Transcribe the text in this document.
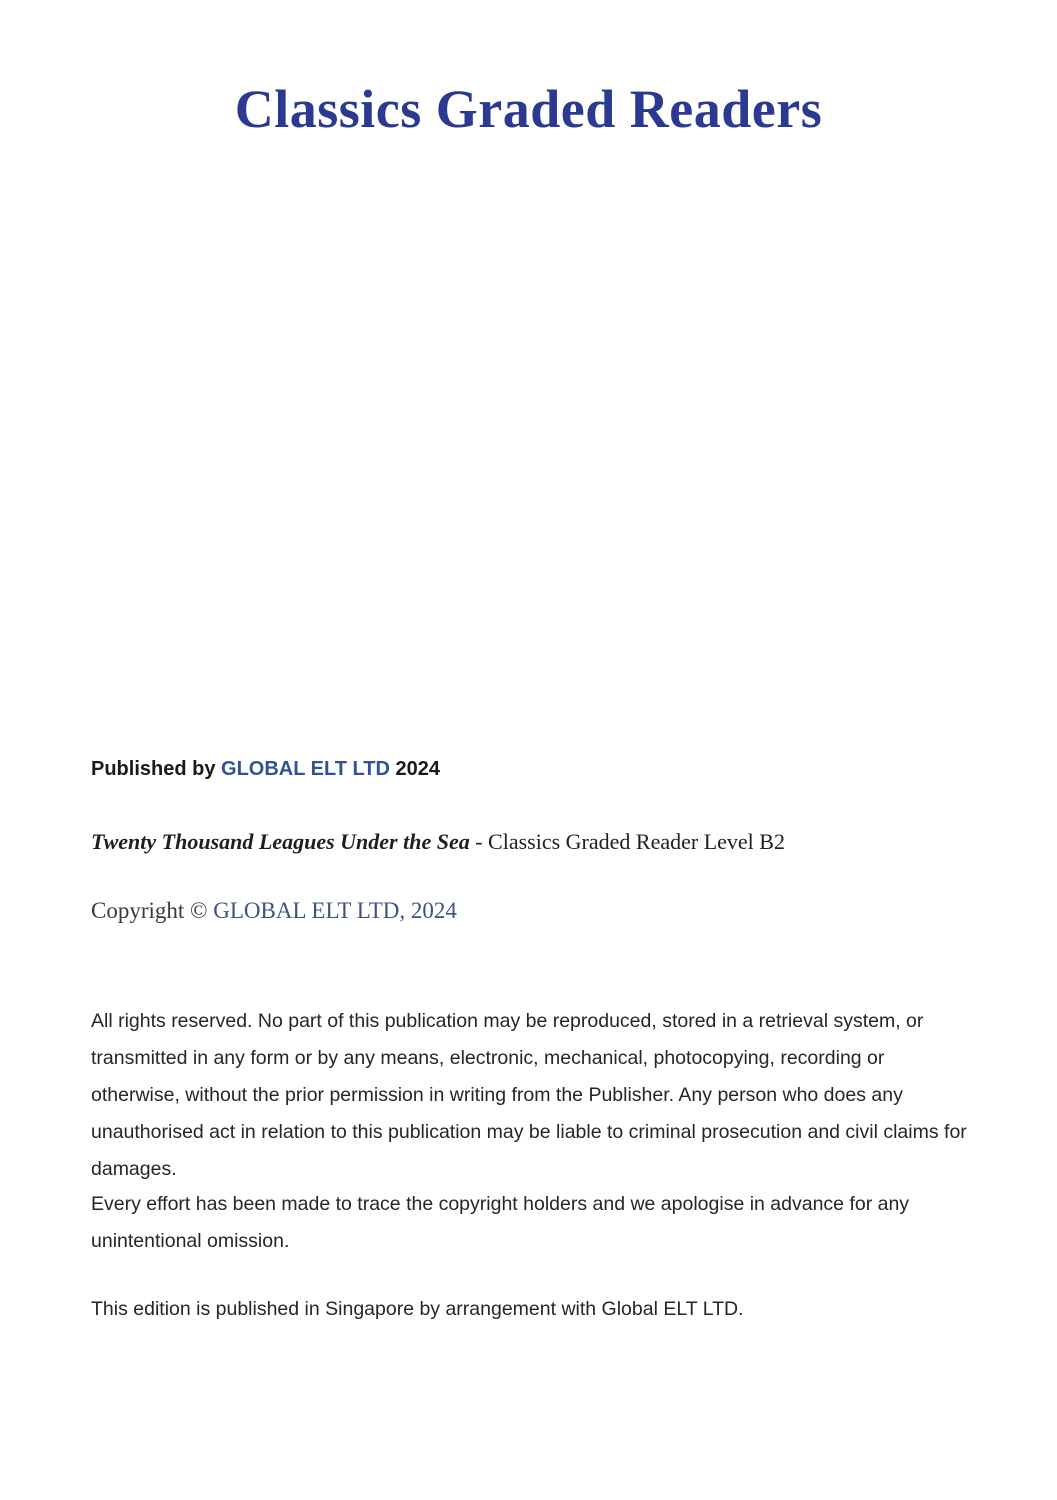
Classics Graded Readers
Published by GLOBAL ELT LTD 2024
Twenty Thousand Leagues Under the Sea - Classics Graded Reader Level B2
Copyright © GLOBAL ELT LTD, 2024
All rights reserved. No part of this publication may be reproduced, stored in a retrieval system, or transmitted in any form or by any means, electronic, mechanical, photocopying, recording or otherwise, without the prior permission in writing from the Publisher. Any person who does any unauthorised act in relation to this publication may be liable to criminal prosecution and civil claims for damages.
Every effort has been made to trace the copyright holders and we apologise in advance for any unintentional omission.
This edition is published in Singapore by arrangement with Global ELT LTD.
